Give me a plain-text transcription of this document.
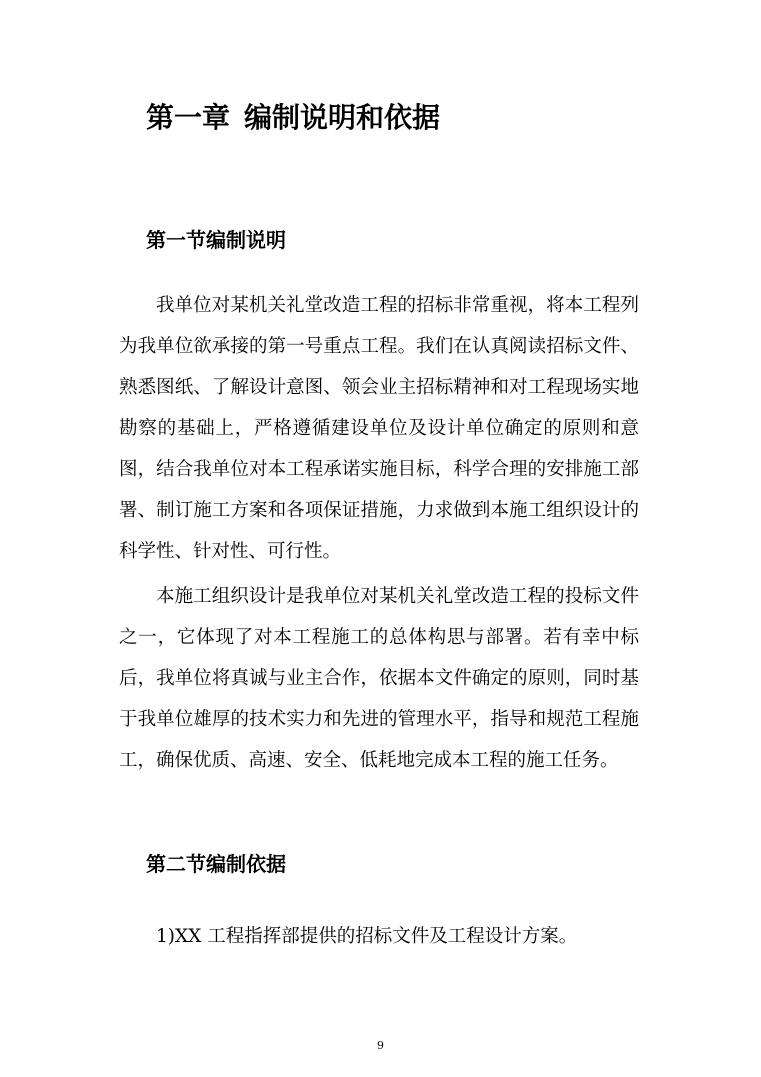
第一章 编制说明和依据
第一节编制说明

我单位对某机关礼堂改造工程的招标非常重视，将本工程列为我单位欲承接的第一号重点工程。我们在认真阅读招标文件、熟悉图纸、了解设计意图、领会业主招标精神和对工程现场实地勘察的基础上，严格遵循建设单位及设计单位确定的原则和意图，结合我单位对本工程承诺实施目标，科学合理的安排施工部署、制订施工方案和各项保证措施，力求做到本施工组织设计的科学性、针对性、可行性。

本施工组织设计是我单位对某机关礼堂改造工程的投标文件之一，它体现了对本工程施工的总体构思与部署。若有幸中标后，我单位将真诚与业主合作，依据本文件确定的原则，同时基于我单位雄厚的技术实力和先进的管理水平，指导和规范工程施工，确保优质、高速、安全、低耗地完成本工程的施工任务。

第二节编制依据

1)XX 工程指挥部提供的招标文件及工程设计方案。

9
